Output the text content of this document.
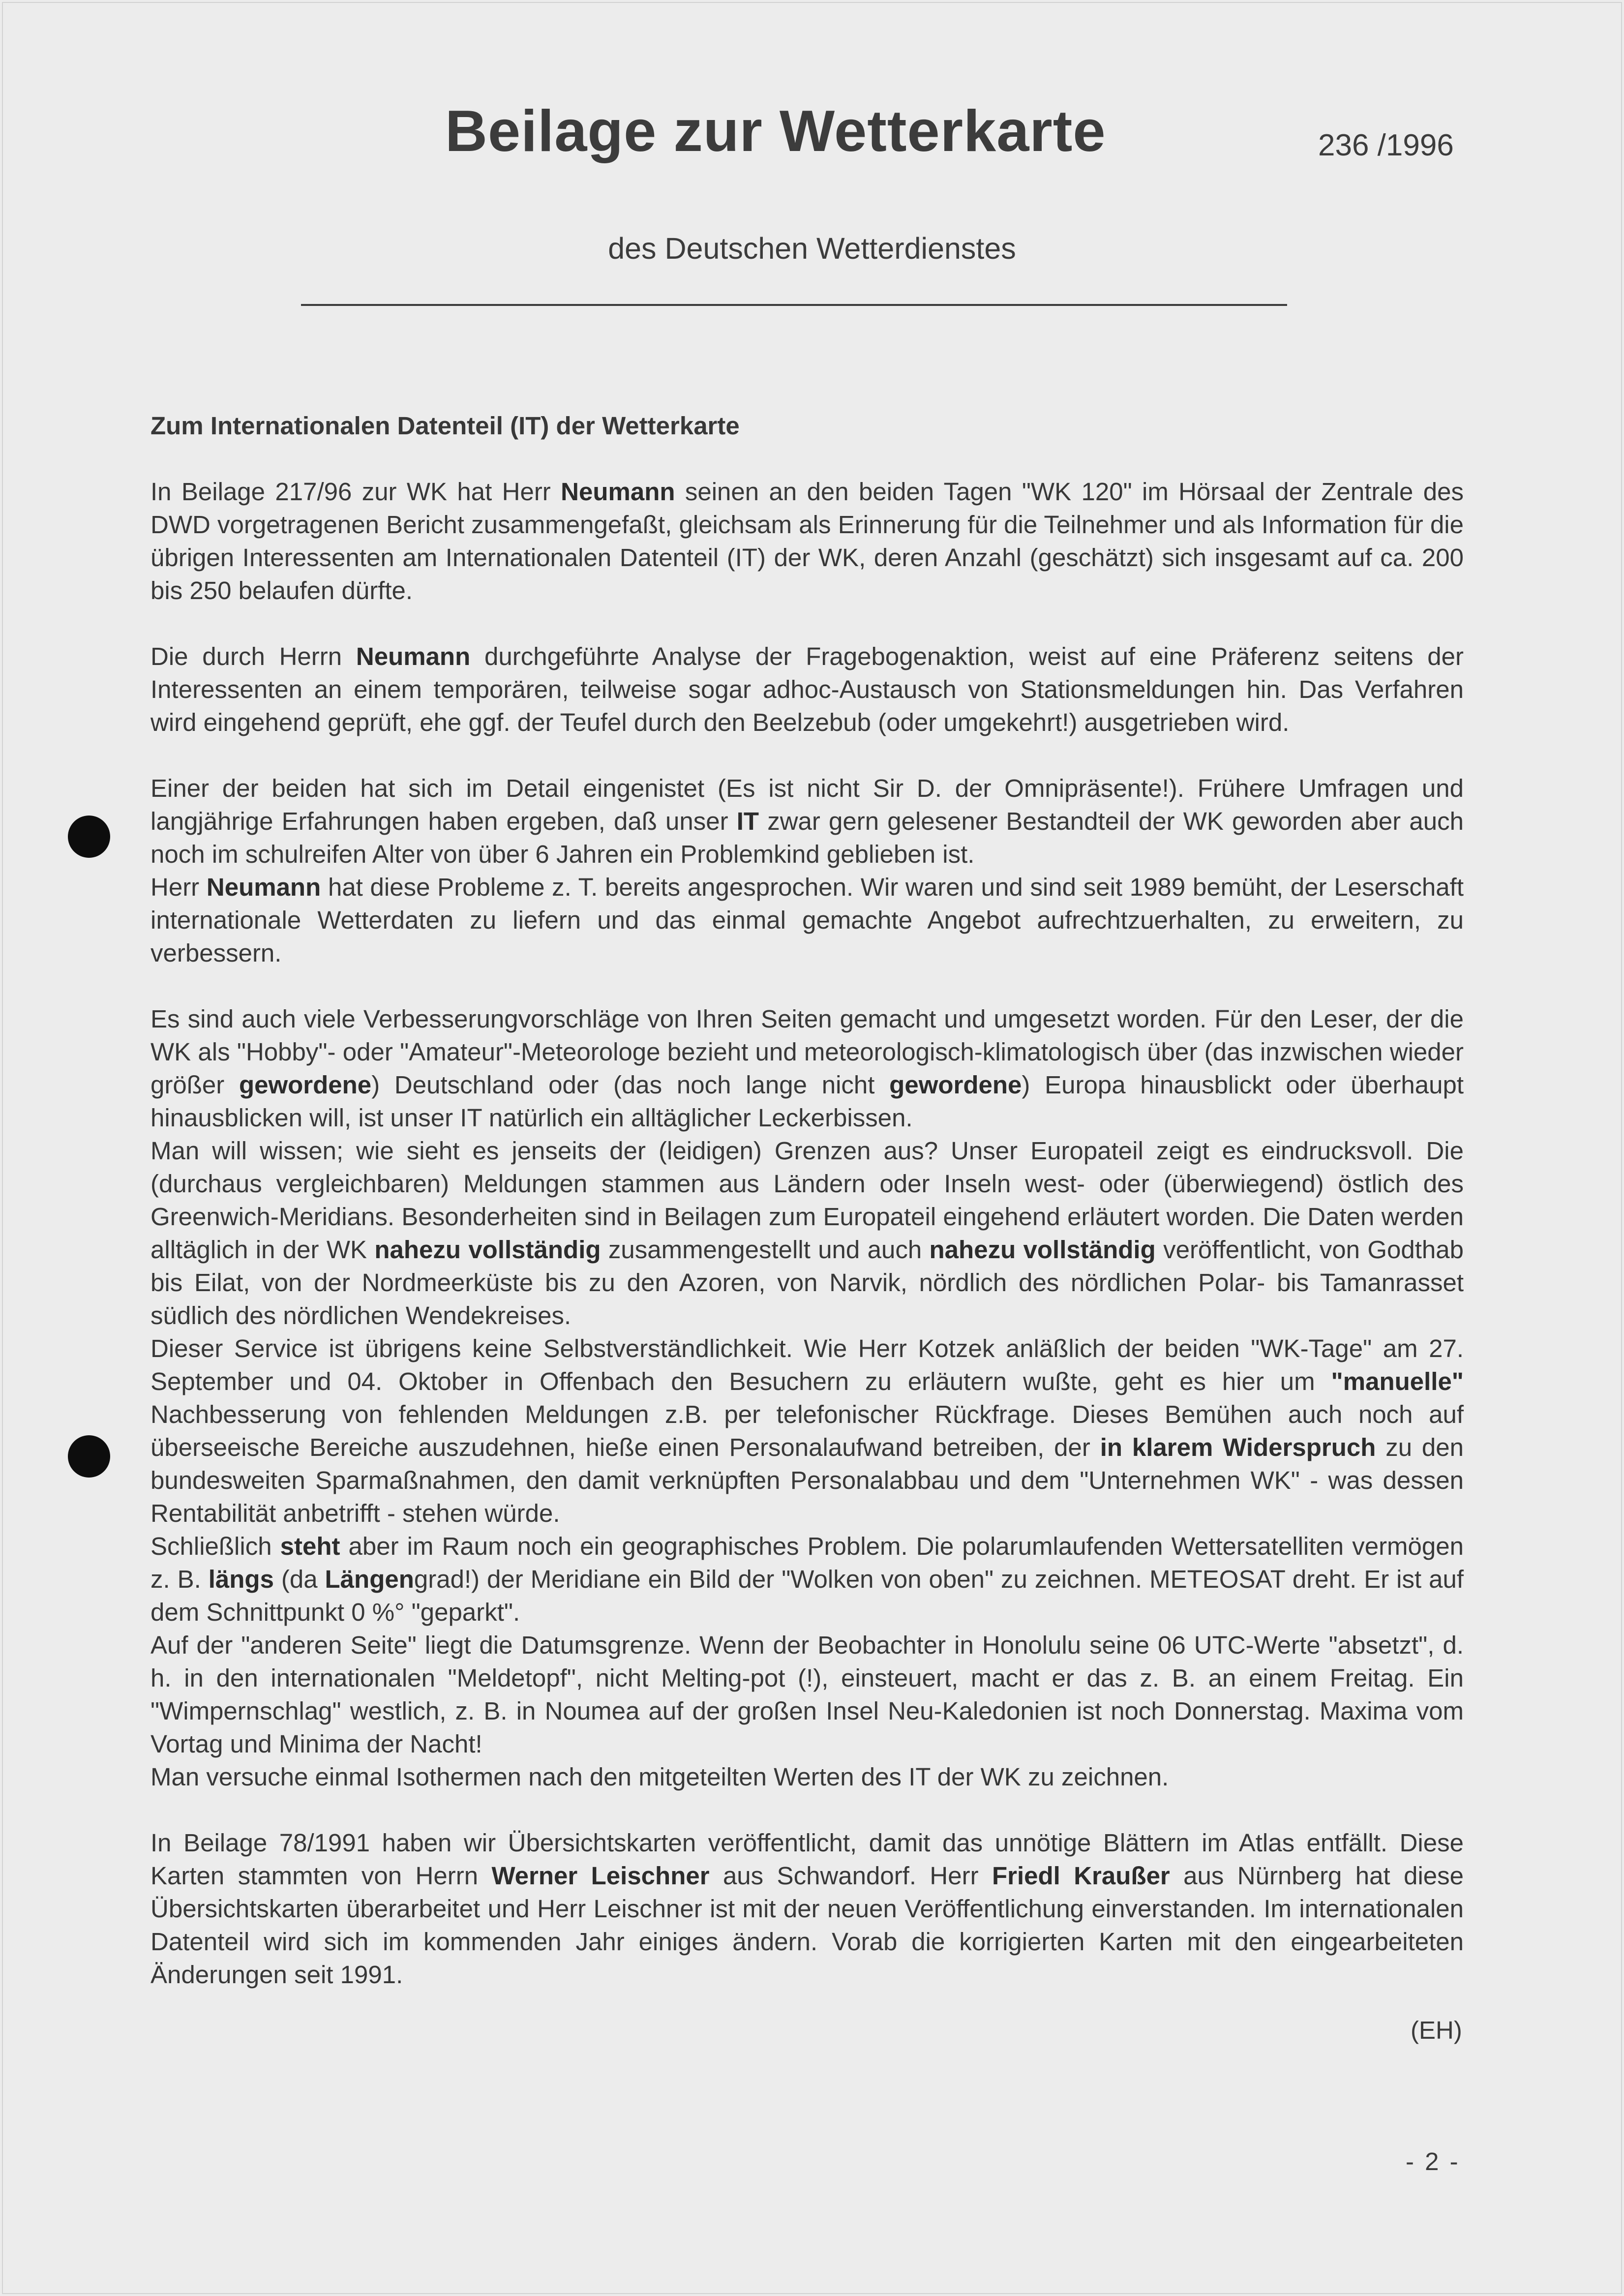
Beilage zur Wetterkarte	236 /1996
des Deutschen Wetterdienstes
Zum Internationalen Datenteil (IT) der Wetterkarte

In Beilage 217/96 zur WK hat Herr Neumann seinen an den beiden Tagen "WK 120" im Hörsaal der Zentrale des DWD vorgetragenen Bericht zusammengefaßt, gleichsam als Erinnerung für die Teilnehmer und als Information für die übrigen Interessenten am Internationalen Datenteil (IT) der WK, deren Anzahl (geschätzt) sich insgesamt auf ca. 200 bis 250 belaufen dürfte.

Die durch Herrn Neumann durchgeführte Analyse der Fragebogenaktion, weist auf eine Präferenz seitens der Interessenten an einem temporären, teilweise sogar adhoc-Austausch von Stationsmeldungen hin. Das Verfahren wird eingehend geprüft, ehe ggf. der Teufel durch den Beelzebub (oder umgekehrt!) ausgetrieben wird.

Einer der beiden hat sich im Detail eingenistet (Es ist nicht Sir D. der Omnipräsente!). Frühere Umfragen und langjährige Erfahrungen haben ergeben, daß unser IT zwar gern gelesener Bestandteil der WK geworden aber auch noch im schulreifen Alter von über 6 Jahren ein Problemkind geblieben ist.

Herr Neumann hat diese Probleme z. T. bereits angesprochen. Wir waren und sind seit 1989 bemüht, der Leserschaft internationale Wetterdaten zu liefern und das einmal gemachte Angebot aufrechtzuerhalten, zu erweitern, zu verbessern.

Es sind auch viele Verbesserungvorschläge von Ihren Seiten gemacht und umgesetzt worden. Für den Leser, der die WK als "Hobby"- oder "Amateur"-Meteorologe bezieht und meteorologisch-klimatologisch über (das inzwischen wieder größer gewordene) Deutschland oder (das noch lange nicht gewordene) Europa hinausblickt oder überhaupt hinausblicken will, ist unser IT natürlich ein alltäglicher Leckerbissen.

Man will wissen; wie sieht es jenseits der (leidigen) Grenzen aus? Unser Europateil zeigt es eindrucksvoll. Die (durchaus vergleichbaren) Meldungen stammen aus Ländern oder Inseln west- oder (überwiegend) östlich des Greenwich-Meridians. Besonderheiten sind in Beilagen zum Europateil eingehend erläutert worden. Die Daten werden alltäglich in der WK nahezu vollständig zusammengestellt und auch nahezu vollständig veröffentlicht, von Godthab bis Eilat, von der Nordmeerküste bis zu den Azoren, von Narvik, nördlich des nördlichen Polar- bis Tamanrasset südlich des nördlichen Wendekreises.

Dieser Service ist übrigens keine Selbstverständlichkeit. Wie Herr Kotzek anläßlich der beiden "WK-Tage" am 27. September und 04. Oktober in Offenbach den Besuchern zu erläutern wußte, geht es hier um "manuelle" Nachbesserung von fehlenden Meldungen z.B. per telefonischer Rückfrage. Dieses Bemühen auch noch auf überseeische Bereiche auszudehnen, hieße einen Personalaufwand betreiben, der in klarem Widerspruch zu den bundesweiten Sparmaßnahmen, den damit verknüpften Personalabbau und dem "Unternehmen WK" - was dessen Rentabilität anbetrifft - stehen würde.

Schließlich steht aber im Raum noch ein geographisches Problem. Die polarumlaufenden Wettersatelliten vermögen z. B. längs (da Längengrad!) der Meridiane ein Bild der "Wolken von oben" zu zeichnen. METEOSAT dreht. Er ist auf dem Schnittpunkt 0 %° "geparkt".

Auf der "anderen Seite" liegt die Datumsgrenze. Wenn der Beobachter in Honolulu seine 06 UTC-Werte "absetzt", d. h. in den internationalen "Meldetopf", nicht Melting-pot (!), einsteuert, macht er das z. B. an einem Freitag. Ein "Wimpernschlag" westlich, z. B. in Noumea auf der großen Insel Neu-Kaledonien ist noch Donnerstag. Maxima vom Vortag und Minima der Nacht!

Man versuche einmal Isothermen nach den mitgeteilten Werten des IT der WK zu zeichnen.

In Beilage 78/1991 haben wir Übersichtskarten veröffentlicht, damit das unnötige Blättern im Atlas entfällt. Diese Karten stammten von Herrn Werner Leischner aus Schwandorf. Herr Friedl Kraußer aus Nürnberg hat diese Übersichtskarten überarbeitet und Herr Leischner ist mit der neuen Veröffentlichung einverstanden. Im internationalen Datenteil wird sich im kommenden Jahr einiges ändern. Vorab die korrigierten Karten mit den eingearbeiteten Änderungen seit 1991.

(EH)
- 2 -
